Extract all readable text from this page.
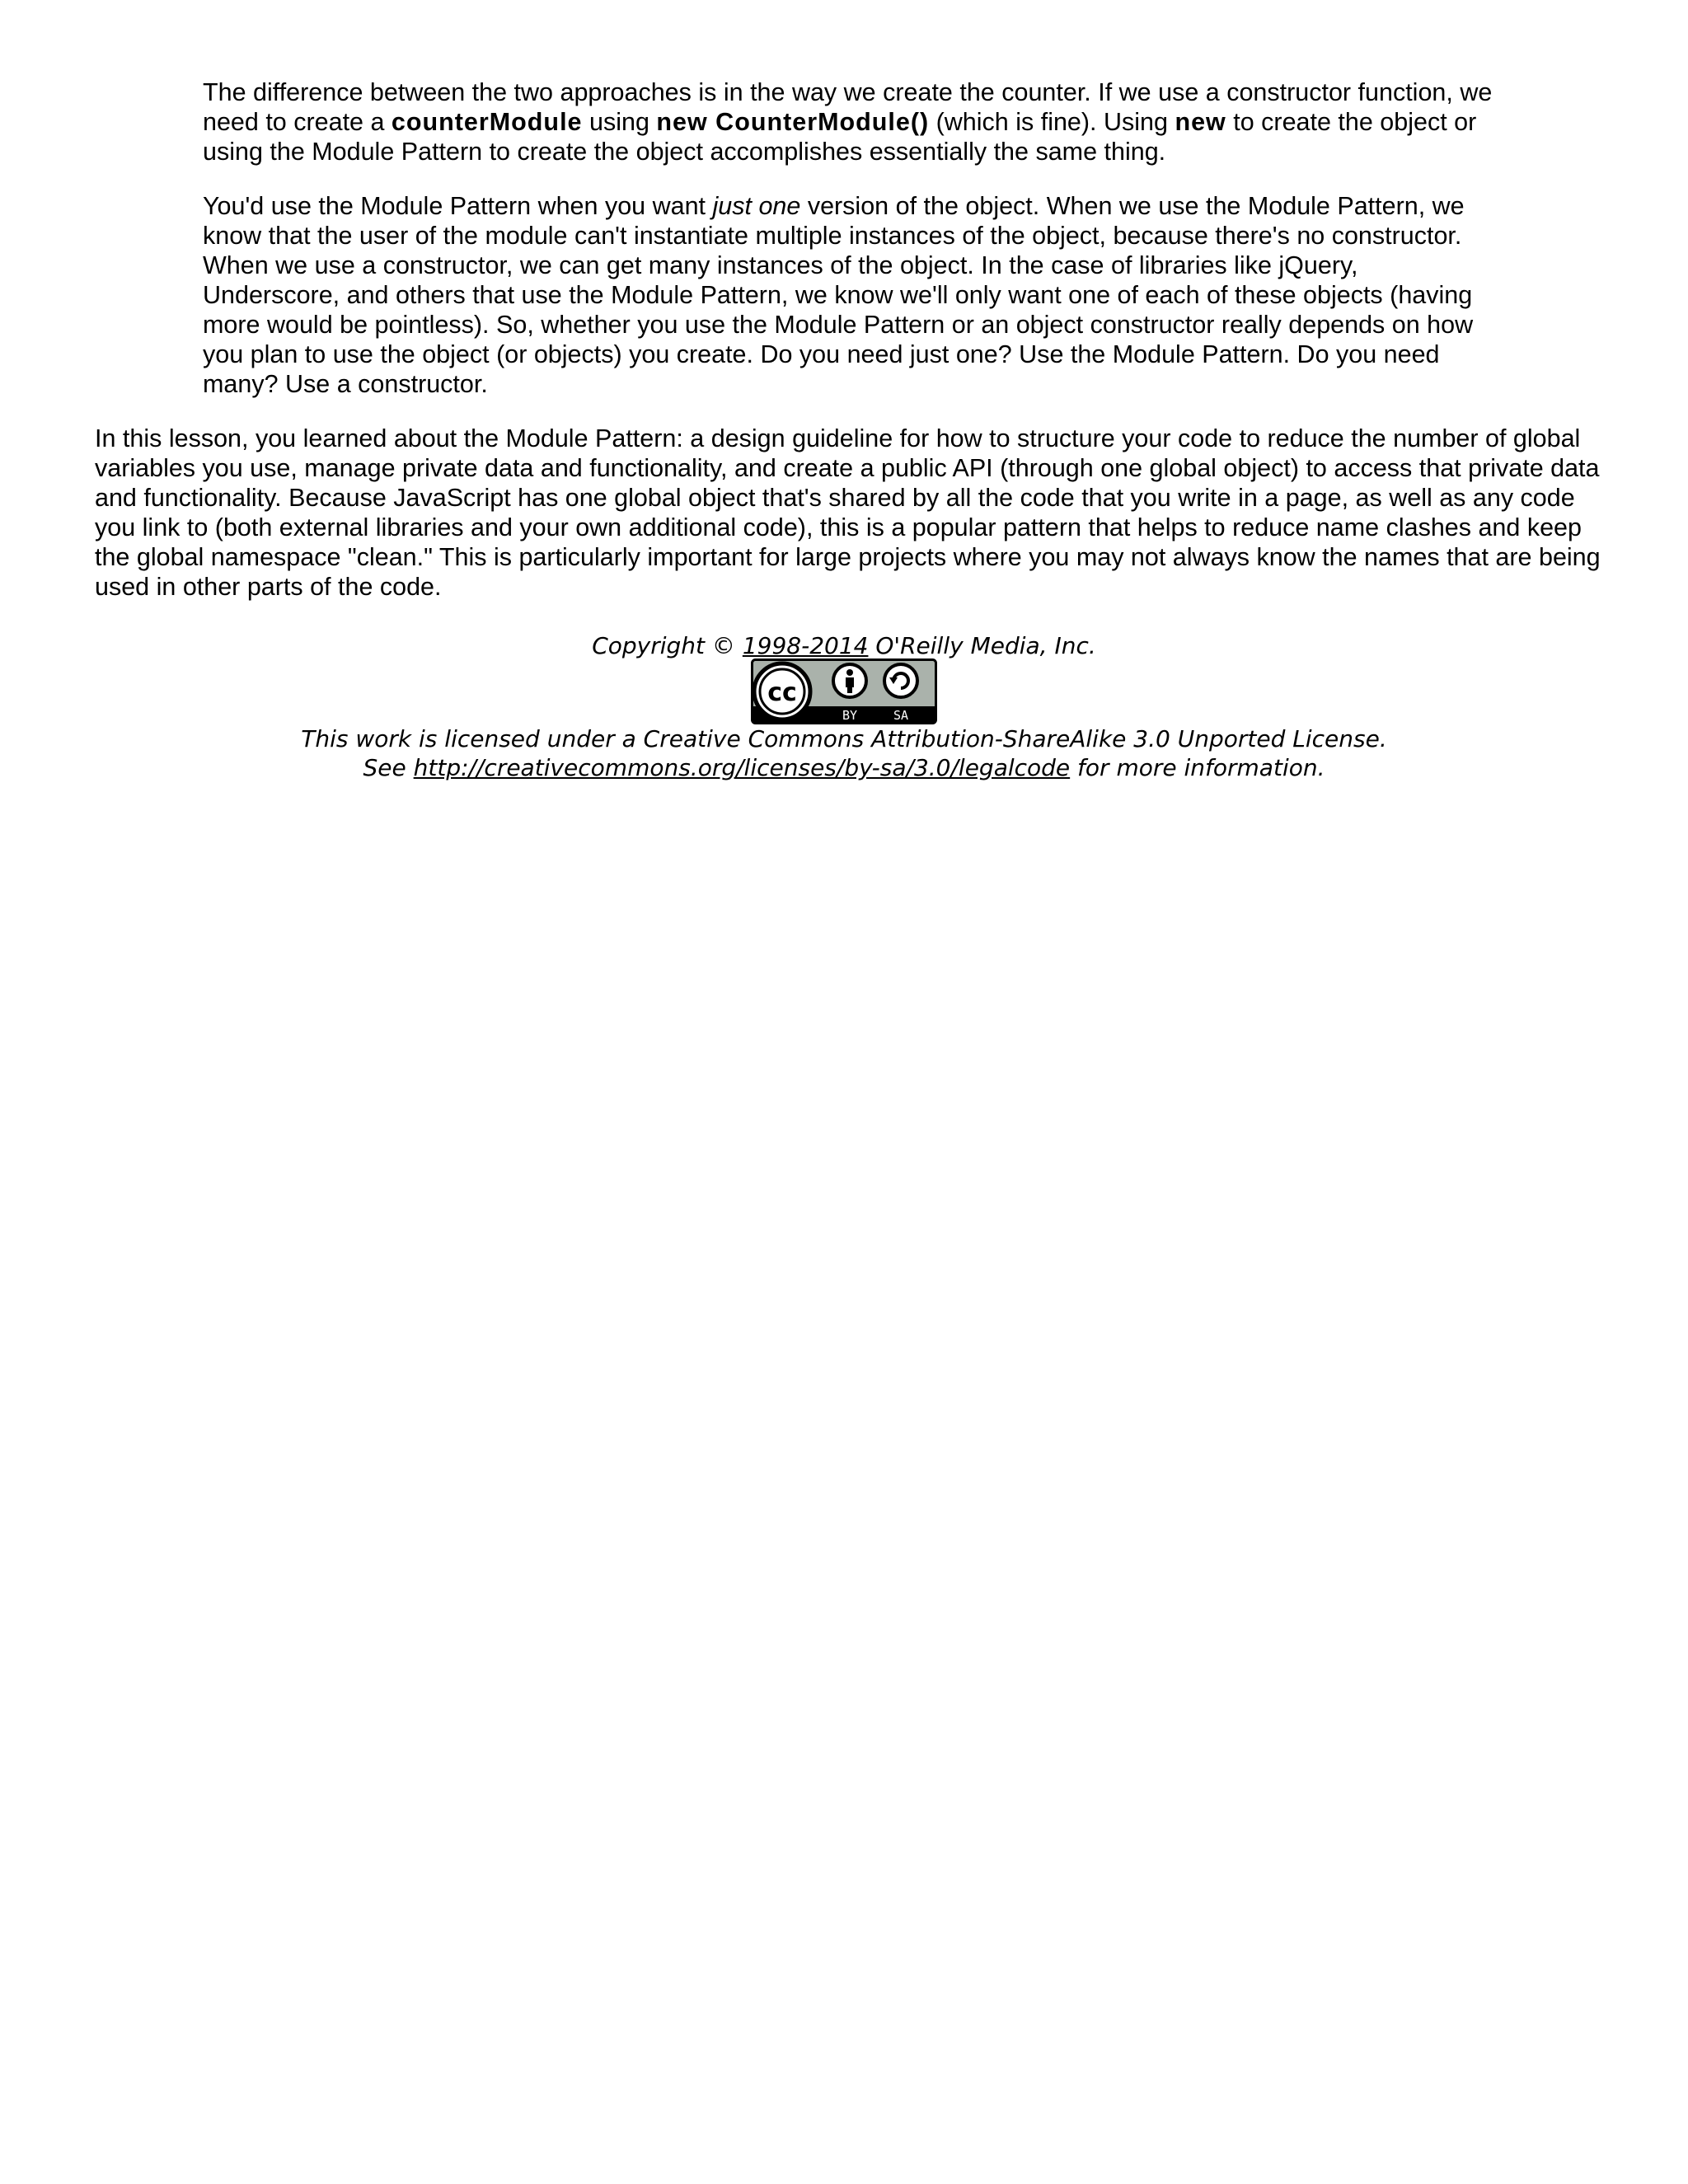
The difference between the two approaches is in the way we create the counter. If we use a constructor function, we need to create a counterModule using new CounterModule() (which is fine). Using new to create the object or using the Module Pattern to create the object accomplishes essentially the same thing.

You'd use the Module Pattern when you want just one version of the object. When we use the Module Pattern, we know that the user of the module can't instantiate multiple instances of the object, because there's no constructor. When we use a constructor, we can get many instances of the object. In the case of libraries like jQuery, Underscore, and others that use the Module Pattern, we know we'll only want one of each of these objects (having more would be pointless). So, whether you use the Module Pattern or an object constructor really depends on how you plan to use the object (or objects) you create. Do you need just one? Use the Module Pattern. Do you need many? Use a constructor.

In this lesson, you learned about the Module Pattern: a design guideline for how to structure your code to reduce the number of global variables you use, manage private data and functionality, and create a public API (through one global object) to access that private data and functionality. Because JavaScript has one global object that's shared by all the code that you write in a page, as well as any code you link to (both external libraries and your own additional code), this is a popular pattern that helps to reduce name clashes and keep the global namespace "clean." This is particularly important for large projects where you may not always know the names that are being used in other parts of the code.

Copyright © 1998-2014 O'Reilly Media, Inc.
cc
BY	SA
This work is licensed under a Creative Commons Attribution-ShareAlike 3.0 Unported License.
See http://creativecommons.org/licenses/by-sa/3.0/legalcode for more information.
